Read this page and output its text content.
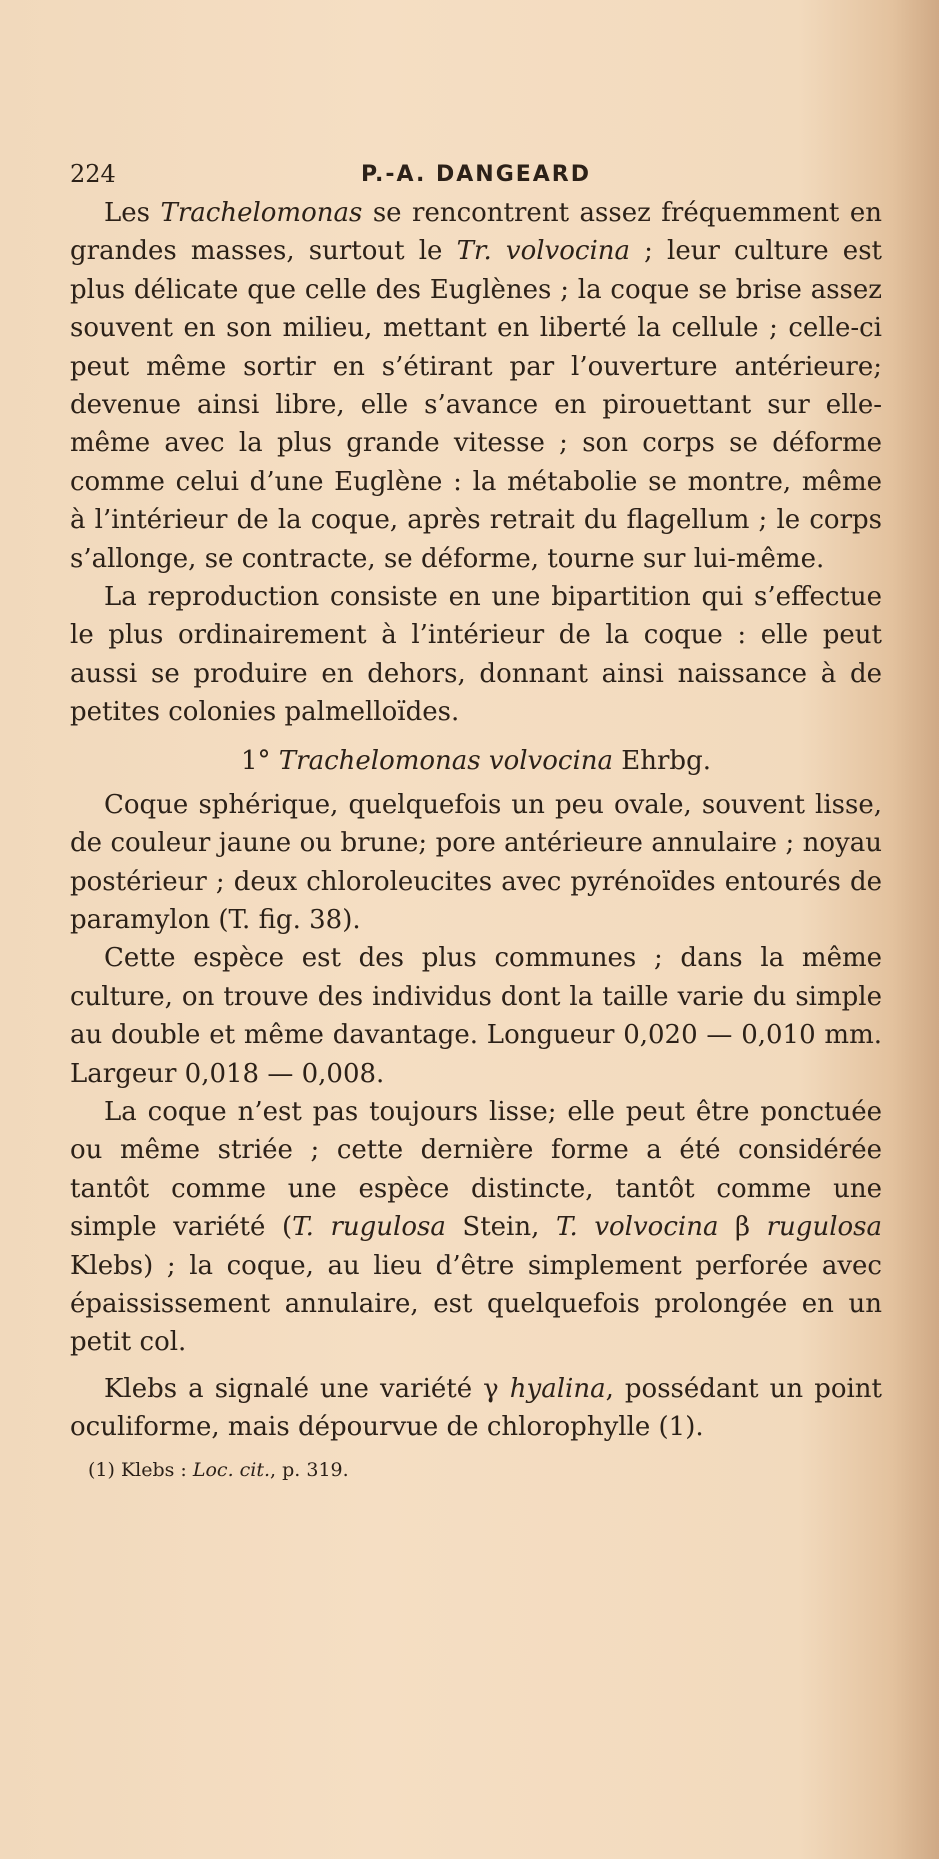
224	P.-A. DANGEARD

Les Trachelomonas se rencontrent assez fréquemment en grandes masses, surtout le Tr. volvocina ; leur culture est plus délicate que celle des Euglènes ; la coque se brise assez souvent en son milieu, mettant en liberté la cellule ; celle-ci peut même sortir en s’étirant par l’ouverture antérieure; devenue ainsi libre, elle s’avance en pirouettant sur elle-même avec la plus grande vitesse ; son corps se déforme comme celui d’une Euglène : la métabolie se montre, même à l’intérieur de la coque, après retrait du flagellum ; le corps s’allonge, se contracte, se déforme, tourne sur lui-même.

La reproduction consiste en une bipartition qui s’effectue le plus ordinairement à l’intérieur de la coque : elle peut aussi se produire en dehors, donnant ainsi naissance à de petites colonies palmelloïdes.

1° Trachelomonas volvocina Ehrbg.

Coque sphérique, quelquefois un peu ovale, souvent lisse, de couleur jaune ou brune; pore antérieure annulaire ; noyau postérieur ; deux chloroleucites avec pyrénoïdes entourés de paramylon (T. fig. 38).

Cette espèce est des plus communes ; dans la même culture, on trouve des individus dont la taille varie du simple au double et même davantage. Longueur 0,020 — 0,010 mm. Largeur 0,018 — 0,008.

La coque n’est pas toujours lisse; elle peut être ponctuée ou même striée ; cette dernière forme a été considérée tantôt comme une espèce distincte, tantôt comme une simple variété (T. rugulosa Stein, T. volvocina β rugulosa Klebs) ; la coque, au lieu d’être simplement perforée avec épaississement annulaire, est quelquefois prolongée en un petit col.

Klebs a signalé une variété γ hyalina, possédant un point oculiforme, mais dépourvue de chlorophylle (1).

(1) Klebs : Loc. cit., p. 319.
